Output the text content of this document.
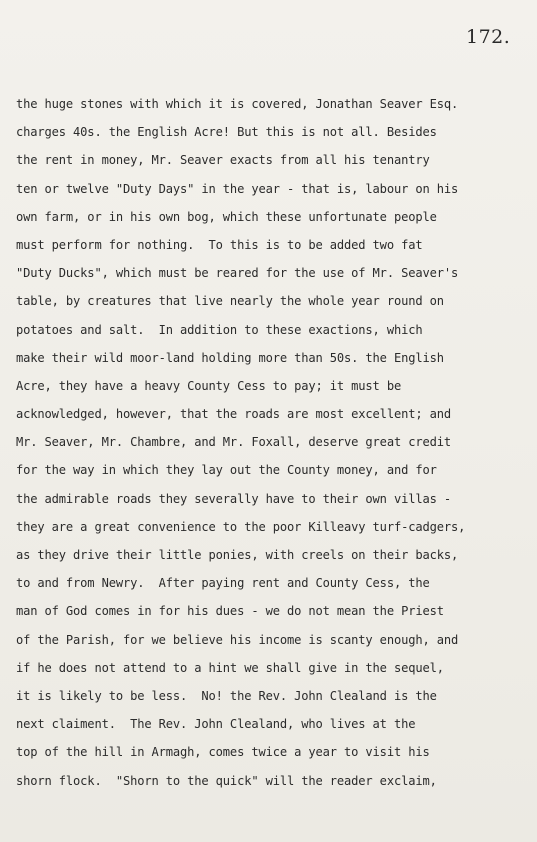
172.
the huge stones with which it is covered, Jonathan Seaver Esq.
charges 40s. the English Acre! But this is not all. Besides
the rent in money, Mr. Seaver exacts from all his tenantry
ten or twelve "Duty Days" in the year - that is, labour on his
own farm, or in his own bog, which these unfortunate people
must perform for nothing.  To this is to be added two fat
"Duty Ducks", which must be reared for the use of Mr. Seaver's
table, by creatures that live nearly the whole year round on
potatoes and salt.  In addition to these exactions, which
make their wild moor-land holding more than 50s. the English
Acre, they have a heavy County Cess to pay; it must be
acknowledged, however, that the roads are most excellent; and
Mr. Seaver, Mr. Chambre, and Mr. Foxall, deserve great credit
for the way in which they lay out the County money, and for
the admirable roads they severally have to their own villas -
they are a great convenience to the poor Killeavy turf-cadgers,
as they drive their little ponies, with creels on their backs,
to and from Newry.  After paying rent and County Cess, the
man of God comes in for his dues - we do not mean the Priest
of the Parish, for we believe his income is scanty enough, and
if he does not attend to a hint we shall give in the sequel,
it is likely to be less.  No! the Rev. John Clealand is the
next claiment.  The Rev. John Clealand, who lives at the
top of the hill in Armagh, comes twice a year to visit his
shorn flock.  "Shorn to the quick" will the reader exclaim,
